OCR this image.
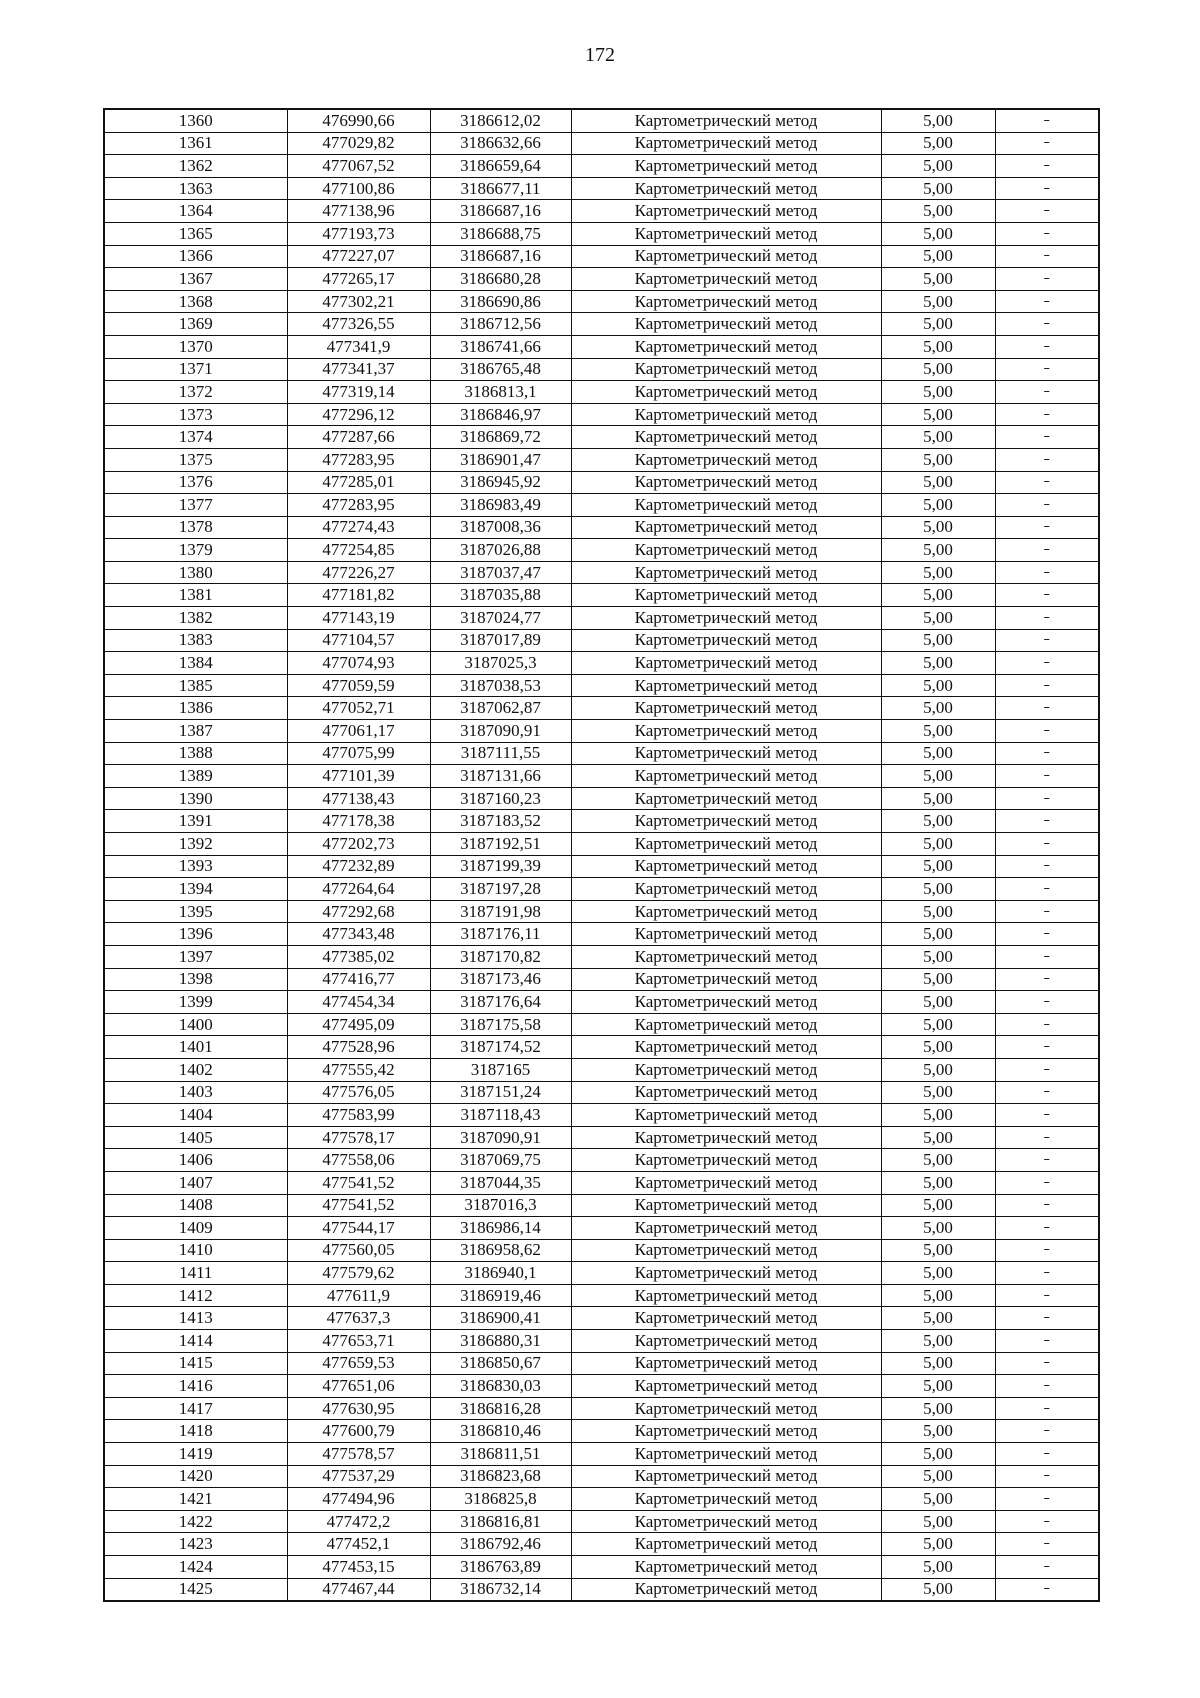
172
1360	476990,66	3186612,02	Картометрический метод	5,00	–
1361	477029,82	3186632,66	Картометрический метод	5,00	–
1362	477067,52	3186659,64	Картометрический метод	5,00	–
1363	477100,86	3186677,11	Картометрический метод	5,00	–
1364	477138,96	3186687,16	Картометрический метод	5,00	–
1365	477193,73	3186688,75	Картометрический метод	5,00	–
1366	477227,07	3186687,16	Картометрический метод	5,00	–
1367	477265,17	3186680,28	Картометрический метод	5,00	–
1368	477302,21	3186690,86	Картометрический метод	5,00	–
1369	477326,55	3186712,56	Картометрический метод	5,00	–
1370	477341,9	3186741,66	Картометрический метод	5,00	–
1371	477341,37	3186765,48	Картометрический метод	5,00	–
1372	477319,14	3186813,1	Картометрический метод	5,00	–
1373	477296,12	3186846,97	Картометрический метод	5,00	–
1374	477287,66	3186869,72	Картометрический метод	5,00	–
1375	477283,95	3186901,47	Картометрический метод	5,00	–
1376	477285,01	3186945,92	Картометрический метод	5,00	–
1377	477283,95	3186983,49	Картометрический метод	5,00	–
1378	477274,43	3187008,36	Картометрический метод	5,00	–
1379	477254,85	3187026,88	Картометрический метод	5,00	–
1380	477226,27	3187037,47	Картометрический метод	5,00	–
1381	477181,82	3187035,88	Картометрический метод	5,00	–
1382	477143,19	3187024,77	Картометрический метод	5,00	–
1383	477104,57	3187017,89	Картометрический метод	5,00	–
1384	477074,93	3187025,3	Картометрический метод	5,00	–
1385	477059,59	3187038,53	Картометрический метод	5,00	–
1386	477052,71	3187062,87	Картометрический метод	5,00	–
1387	477061,17	3187090,91	Картометрический метод	5,00	–
1388	477075,99	3187111,55	Картометрический метод	5,00	–
1389	477101,39	3187131,66	Картометрический метод	5,00	–
1390	477138,43	3187160,23	Картометрический метод	5,00	–
1391	477178,38	3187183,52	Картометрический метод	5,00	–
1392	477202,73	3187192,51	Картометрический метод	5,00	–
1393	477232,89	3187199,39	Картометрический метод	5,00	–
1394	477264,64	3187197,28	Картометрический метод	5,00	–
1395	477292,68	3187191,98	Картометрический метод	5,00	–
1396	477343,48	3187176,11	Картометрический метод	5,00	–
1397	477385,02	3187170,82	Картометрический метод	5,00	–
1398	477416,77	3187173,46	Картометрический метод	5,00	–
1399	477454,34	3187176,64	Картометрический метод	5,00	–
1400	477495,09	3187175,58	Картометрический метод	5,00	–
1401	477528,96	3187174,52	Картометрический метод	5,00	–
1402	477555,42	3187165	Картометрический метод	5,00	–
1403	477576,05	3187151,24	Картометрический метод	5,00	–
1404	477583,99	3187118,43	Картометрический метод	5,00	–
1405	477578,17	3187090,91	Картометрический метод	5,00	–
1406	477558,06	3187069,75	Картометрический метод	5,00	–
1407	477541,52	3187044,35	Картометрический метод	5,00	–
1408	477541,52	3187016,3	Картометрический метод	5,00	–
1409	477544,17	3186986,14	Картометрический метод	5,00	–
1410	477560,05	3186958,62	Картометрический метод	5,00	–
1411	477579,62	3186940,1	Картометрический метод	5,00	–
1412	477611,9	3186919,46	Картометрический метод	5,00	–
1413	477637,3	3186900,41	Картометрический метод	5,00	–
1414	477653,71	3186880,31	Картометрический метод	5,00	–
1415	477659,53	3186850,67	Картометрический метод	5,00	–
1416	477651,06	3186830,03	Картометрический метод	5,00	–
1417	477630,95	3186816,28	Картометрический метод	5,00	–
1418	477600,79	3186810,46	Картометрический метод	5,00	–
1419	477578,57	3186811,51	Картометрический метод	5,00	–
1420	477537,29	3186823,68	Картометрический метод	5,00	–
1421	477494,96	3186825,8	Картометрический метод	5,00	–
1422	477472,2	3186816,81	Картометрический метод	5,00	–
1423	477452,1	3186792,46	Картометрический метод	5,00	–
1424	477453,15	3186763,89	Картометрический метод	5,00	–
1425	477467,44	3186732,14	Картометрический метод	5,00	–
